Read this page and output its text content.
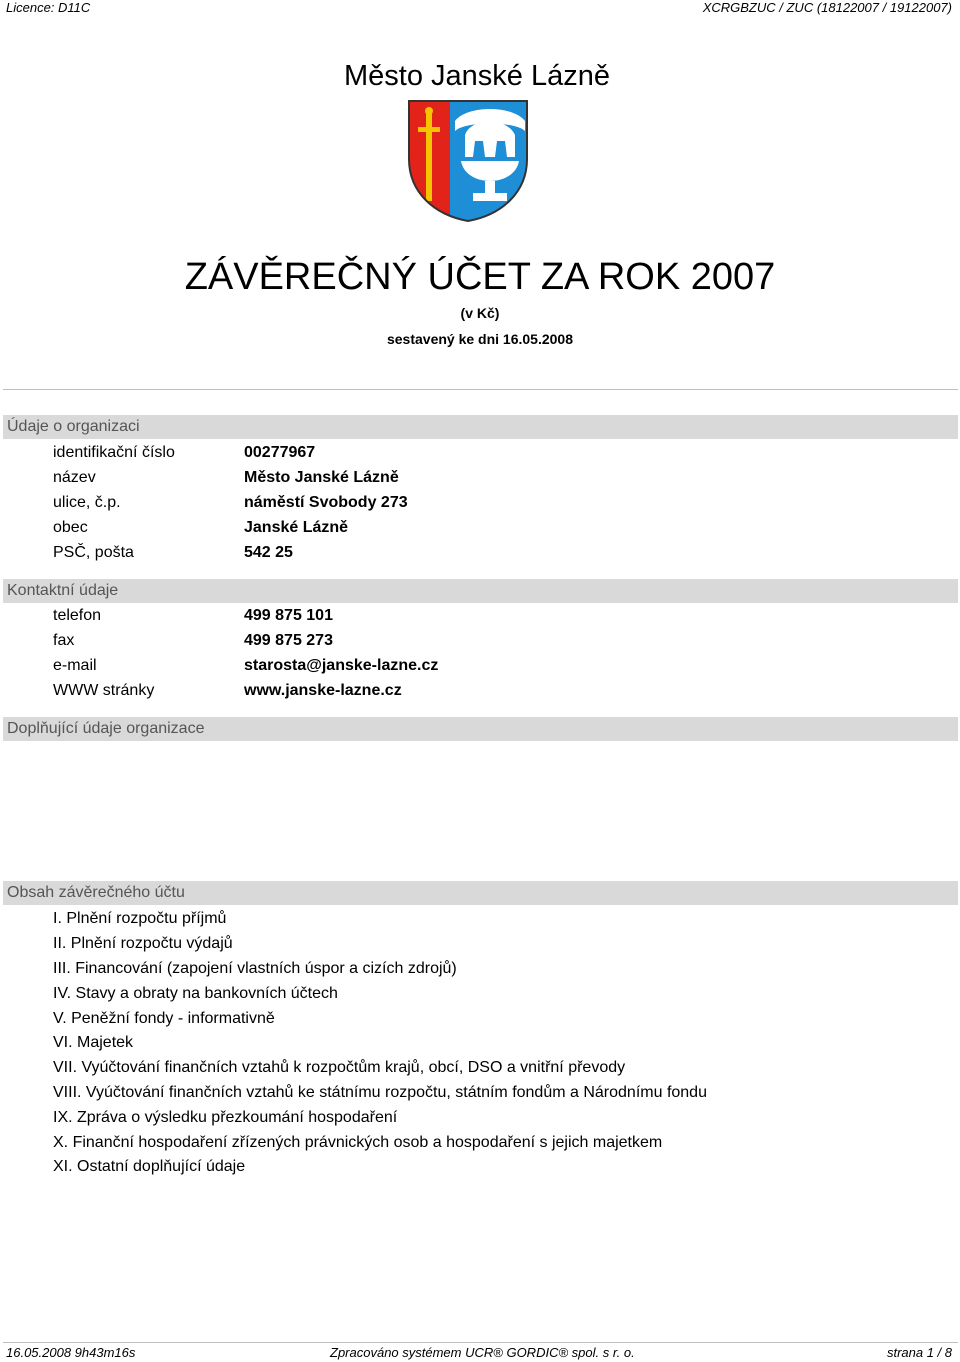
Licence: D11C	XCRGBZUC / ZUC (18122007 / 19122007)
Město Janské Lázně
ZÁVĚREČNÝ ÚČET ZA ROK 2007
(v Kč)
sestavený ke dni 16.05.2008
Údaje o organizaci
identifikační číslo	00277967
název	Město Janské Lázně
ulice, č.p.	náměstí Svobody 273
obec	Janské Lázně
PSČ, pošta	542 25
Kontaktní údaje
telefon	499 875 101
fax	499 875 273
e-mail	starosta@janske-lazne.cz
WWW stránky	www.janske-lazne.cz
Doplňující údaje organizace
Obsah závěrečného účtu
I. Plnění rozpočtu příjmů
II. Plnění rozpočtu výdajů
III. Financování (zapojení vlastních úspor a cizích zdrojů)
IV. Stavy a obraty na bankovních účtech
V. Peněžní fondy - informativně
VI. Majetek
VII. Vyúčtování finančních vztahů k rozpočtům krajů, obcí, DSO a vnitřní převody
VIII. Vyúčtování finančních vztahů ke státnímu rozpočtu, státním fondům a Národnímu fondu
IX. Zpráva o výsledku přezkoumání hospodaření
X. Finanční hospodaření zřízených právnických osob a hospodaření s jejich majetkem
XI. Ostatní doplňující údaje
16.05.2008 9h43m16s	Zpracováno systémem UCR® GORDIC® spol. s r. o.	strana 1 / 8
